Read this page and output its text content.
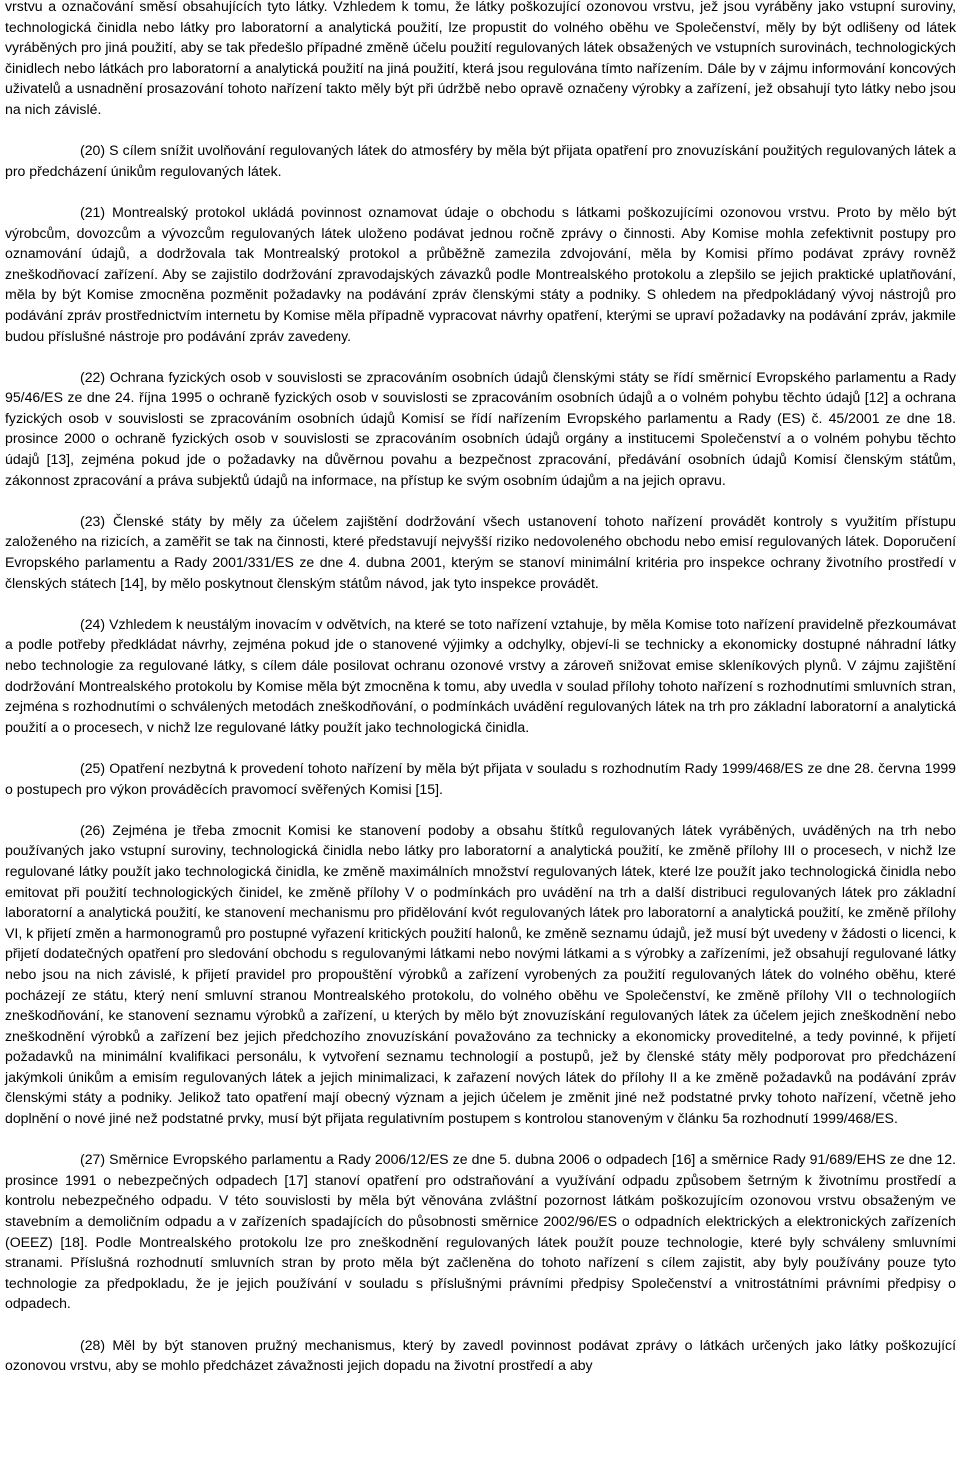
vrstvu a označování směsí obsahujících tyto látky. Vzhledem k tomu, že látky poškozující ozonovou vrstvu, jež jsou vyráběny jako vstupní suroviny, technologická činidla nebo látky pro laboratorní a analytická použití, lze propustit do volného oběhu ve Společenství, měly by být odlišeny od látek vyráběných pro jiná použití, aby se tak předešlo případné změně účelu použití regulovaných látek obsažených ve vstupních surovinách, technologických činidlech nebo látkách pro laboratorní a analytická použití na jiná použití, která jsou regulována tímto nařízením. Dále by v zájmu informování koncových uživatelů a usnadnění prosazování tohoto nařízení takto měly být při údržbě nebo opravě označeny výrobky a zařízení, jež obsahují tyto látky nebo jsou na nich závislé.

(20) S cílem snížit uvolňování regulovaných látek do atmosféry by měla být přijata opatření pro znovuzískání použitých regulovaných látek a pro předcházení únikům regulovaných látek.

(21) Montrealský protokol ukládá povinnost oznamovat údaje o obchodu s látkami poškozujícími ozonovou vrstvu. Proto by mělo být výrobcům, dovozcům a vývozcům regulovaných látek uloženo podávat jednou ročně zprávy o činnosti. Aby Komise mohla zefektivnit postupy pro oznamování údajů, a dodržovala tak Montrealský protokol a průběžně zamezila zdvojování, měla by Komisi přímo podávat zprávy rovněž zneškodňovací zařízení. Aby se zajistilo dodržování zpravodajských závazků podle Montrealského protokolu a zlepšilo se jejich praktické uplatňování, měla by být Komise zmocněna pozměnit požadavky na podávání zpráv členskými státy a podniky. S ohledem na předpokládaný vývoj nástrojů pro podávání zpráv prostřednictvím internetu by Komise měla případně vypracovat návrhy opatření, kterými se upraví požadavky na podávání zpráv, jakmile budou příslušné nástroje pro podávání zpráv zavedeny.

(22) Ochrana fyzických osob v souvislosti se zpracováním osobních údajů členskými státy se řídí směrnicí Evropského parlamentu a Rady 95/46/ES ze dne 24. října 1995 o ochraně fyzických osob v souvislosti se zpracováním osobních údajů a o volném pohybu těchto údajů [12] a ochrana fyzických osob v souvislosti se zpracováním osobních údajů Komisí se řídí nařízením Evropského parlamentu a Rady (ES) č. 45/2001 ze dne 18. prosince 2000 o ochraně fyzických osob v souvislosti se zpracováním osobních údajů orgány a institucemi Společenství a o volném pohybu těchto údajů [13], zejména pokud jde o požadavky na důvěrnou povahu a bezpečnost zpracování, předávání osobních údajů Komisí členským státům, zákonnost zpracování a práva subjektů údajů na informace, na přístup ke svým osobním údajům a na jejich opravu.

(23) Členské státy by měly za účelem zajištění dodržování všech ustanovení tohoto nařízení provádět kontroly s využitím přístupu založeného na rizicích, a zaměřit se tak na činnosti, které představují nejvyšší riziko nedovoleného obchodu nebo emisí regulovaných látek. Doporučení Evropského parlamentu a Rady 2001/331/ES ze dne 4. dubna 2001, kterým se stanoví minimální kritéria pro inspekce ochrany životního prostředí v členských státech [14], by mělo poskytnout členským státům návod, jak tyto inspekce provádět.

(24) Vzhledem k neustálým inovacím v odvětvích, na které se toto nařízení vztahuje, by měla Komise toto nařízení pravidelně přezkoumávat a podle potřeby předkládat návrhy, zejména pokud jde o stanovené výjimky a odchylky, objeví-li se technicky a ekonomicky dostupné náhradní látky nebo technologie za regulované látky, s cílem dále posilovat ochranu ozonové vrstvy a zároveň snižovat emise skleníkových plynů. V zájmu zajištění dodržování Montrealského protokolu by Komise měla být zmocněna k tomu, aby uvedla v soulad přílohy tohoto nařízení s rozhodnutími smluvních stran, zejména s rozhodnutími o schválených metodách zneškodňování, o podmínkách uvádění regulovaných látek na trh pro základní laboratorní a analytická použití a o procesech, v nichž lze regulované látky použít jako technologická činidla.

(25) Opatření nezbytná k provedení tohoto nařízení by měla být přijata v souladu s rozhodnutím Rady 1999/468/ES ze dne 28. června 1999 o postupech pro výkon prováděcích pravomocí svěřených Komisi [15].

(26) Zejména je třeba zmocnit Komisi ke stanovení podoby a obsahu štítků regulovaných látek vyráběných, uváděných na trh nebo používaných jako vstupní suroviny, technologická činidla nebo látky pro laboratorní a analytická použití, ke změně přílohy III o procesech, v nichž lze regulované látky použít jako technologická činidla, ke změně maximálních množství regulovaných látek, které lze použít jako technologická činidla nebo emitovat při použití technologických činidel, ke změně přílohy V o podmínkách pro uvádění na trh a další distribuci regulovaných látek pro základní laboratorní a analytická použití, ke stanovení mechanismu pro přidělování kvót regulovaných látek pro laboratorní a analytická použití, ke změně přílohy VI, k přijetí změn a harmonogramů pro postupné vyřazení kritických použití halonů, ke změně seznamu údajů, jež musí být uvedeny v žádosti o licenci, k přijetí dodatečných opatření pro sledování obchodu s regulovanými látkami nebo novými látkami a s výrobky a zařízeními, jež obsahují regulované látky nebo jsou na nich závislé, k přijetí pravidel pro propouštění výrobků a zařízení vyrobených za použití regulovaných látek do volného oběhu, které pocházejí ze státu, který není smluvní stranou Montrealského protokolu, do volného oběhu ve Společenství, ke změně přílohy VII o technologiích zneškodňování, ke stanovení seznamu výrobků a zařízení, u kterých by mělo být znovuzískání regulovaných látek za účelem jejich zneškodnění nebo zneškodnění výrobků a zařízení bez jejich předchozího znovuzískání považováno za technicky a ekonomicky proveditelné, a tedy povinné, k přijetí požadavků na minimální kvalifikaci personálu, k vytvoření seznamu technologií a postupů, jež by členské státy měly podporovat pro předcházení jakýmkoli únikům a emisím regulovaných látek a jejich minimalizaci, k zařazení nových látek do přílohy II a ke změně požadavků na podávání zpráv členskými státy a podniky. Jelikož tato opatření mají obecný význam a jejich účelem je změnit jiné než podstatné prvky tohoto nařízení, včetně jeho doplnění o nové jiné než podstatné prvky, musí být přijata regulativním postupem s kontrolou stanoveným v článku 5a rozhodnutí 1999/468/ES.

(27) Směrnice Evropského parlamentu a Rady 2006/12/ES ze dne 5. dubna 2006 o odpadech [16] a směrnice Rady 91/689/EHS ze dne 12. prosince 1991 o nebezpečných odpadech [17] stanoví opatření pro odstraňování a využívání odpadu způsobem šetrným k životnímu prostředí a kontrolu nebezpečného odpadu. V této souvislosti by měla být věnována zvláštní pozornost látkám poškozujícím ozonovou vrstvu obsaženým ve stavebním a demoličním odpadu a v zařízeních spadajících do působnosti směrnice 2002/96/ES o odpadních elektrických a elektronických zařízeních (OEEZ) [18]. Podle Montrealského protokolu lze pro zneškodnění regulovaných látek použít pouze technologie, které byly schváleny smluvními stranami. Příslušná rozhodnutí smluvních stran by proto měla být začleněna do tohoto nařízení s cílem zajistit, aby byly používány pouze tyto technologie za předpokladu, že je jejich používání v souladu s příslušnými právními předpisy Společenství a vnitrostátními právními předpisy o odpadech.

(28) Měl by být stanoven pružný mechanismus, který by zavedl povinnost podávat zprávy o látkách určených jako látky poškozující ozonovou vrstvu, aby se mohlo předcházet závažnosti jejich dopadu na životní prostředí a aby
